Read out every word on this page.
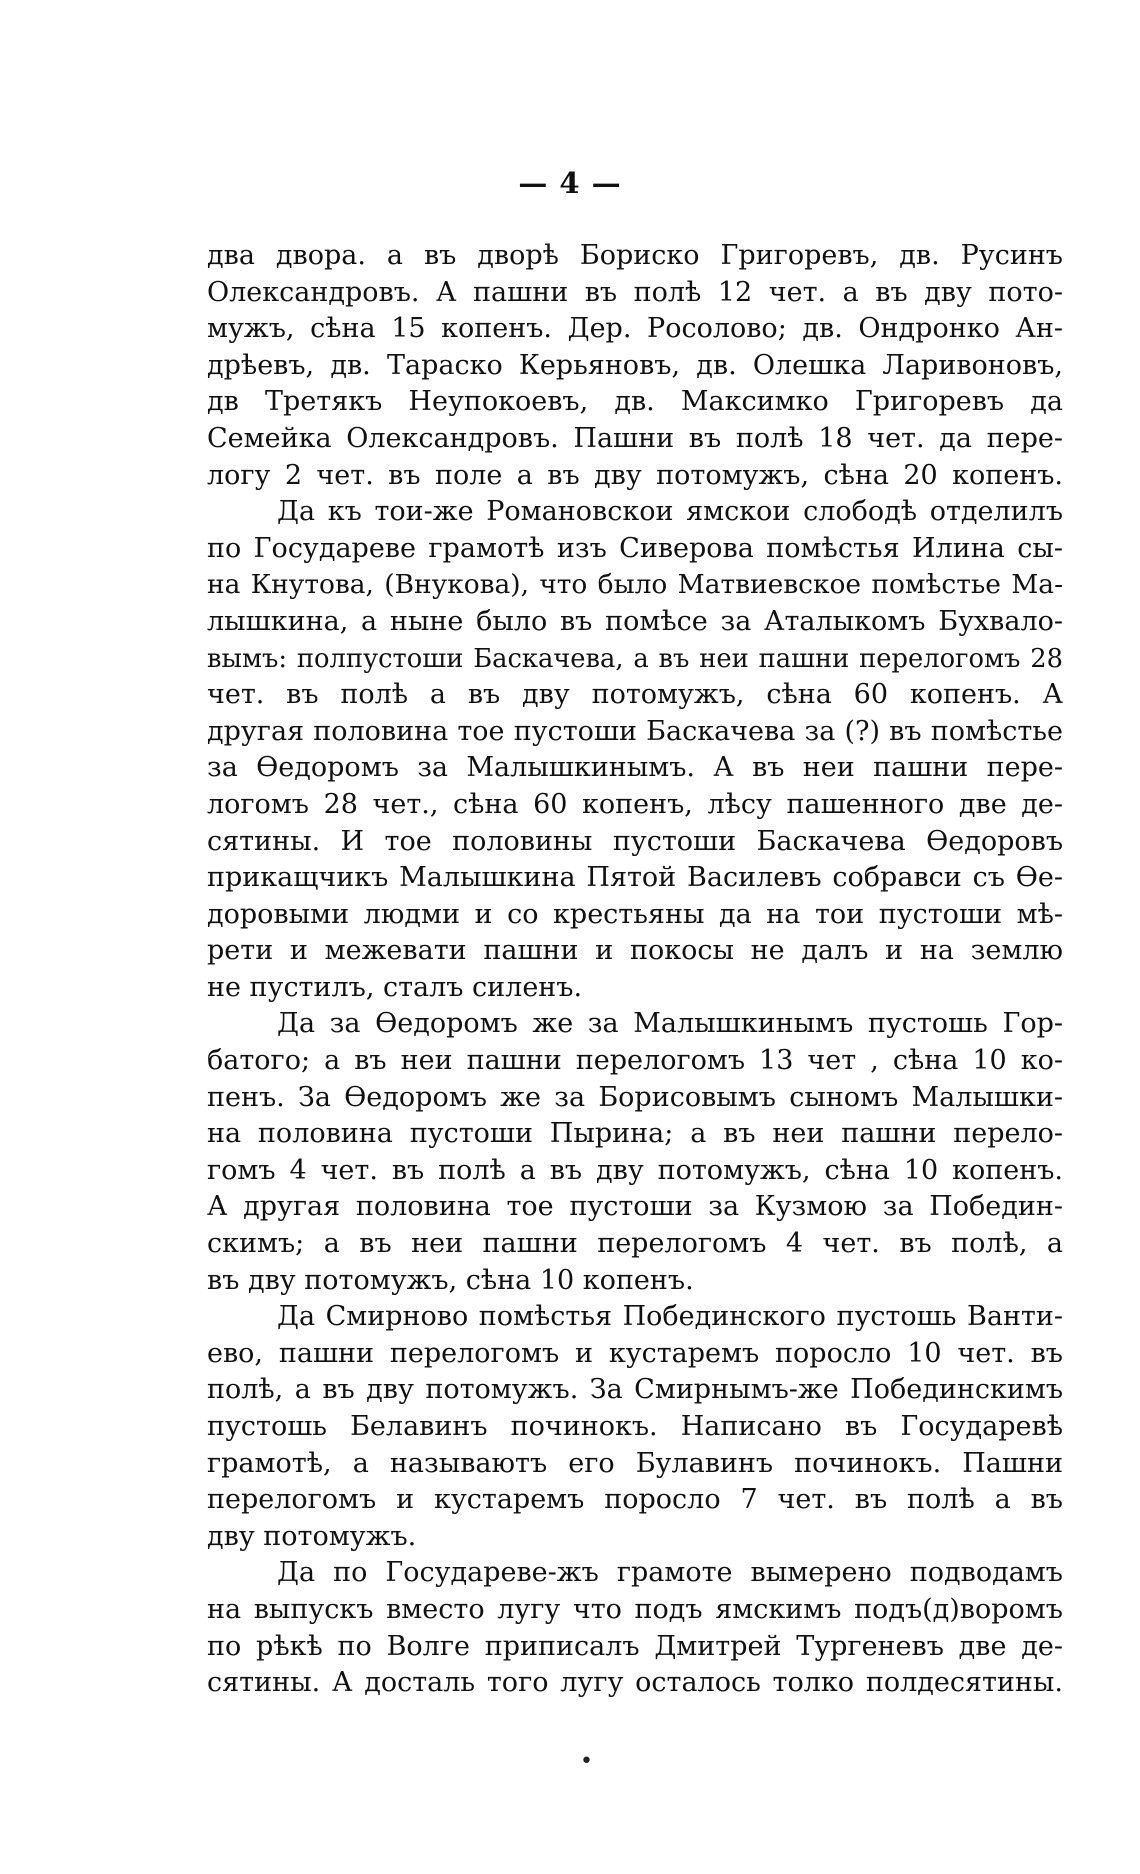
— 4 —
два двора. а въ дворѣ Бориско Григоревъ, дв. Русинъ
Олександровъ. А пашни въ полѣ 12 чет. а въ дву пото-
мужъ, сѣна 15 копенъ. Дер. Росолово; дв. Ондронко Ан-
дрѣевъ, дв. Тараско Керьяновъ, дв. Олешка Ларивоновъ,
дв Третякъ Неупокоевъ, дв. Максимко Григоревъ да
Семейка Олександровъ. Пашни въ полѣ 18 чет. да пере-
логу 2 чет. въ поле а въ дву потомужъ, сѣна 20 копенъ.
Да къ тои-же Романовскои ямскои слободѣ отделилъ
по Государеве грамотѣ изъ Сиверова помѣстья Илина сы-
на Кнутова, (Внукова), что было Матвиевское помѣстье Ма-
лышкина, а ныне было въ помѣсе за Аталыкомъ Бухвало-
вымъ: полпустоши Баскачева, а въ неи пашни перелогомъ 28
чет. въ полѣ а въ дву потомужъ, сѣна 60 копенъ. А
другая половина тое пустоши Баскачева за (?) въ помѣстье
за Ѳедоромъ за Малышкинымъ. А въ неи пашни пере-
логомъ 28 чет., сѣна 60 копенъ, лѣсу пашенного две де-
сятины. И тое половины пустоши Баскачева Ѳедоровъ
прикащчикъ Малышкина Пятой Василевъ собравси съ Ѳе-
доровыми людми и со крестьяны да на тои пустоши мѣ-
рети и межевати пашни и покосы не далъ и на землю
не пустилъ, сталъ силенъ.
Да за Ѳедоромъ же за Малышкинымъ пустошь Гор-
батого; а въ неи пашни перелогомъ 13 чет , сѣна 10 ко-
пенъ. За Ѳедоромъ же за Борисовымъ сыномъ Малышки-
на половина пустоши Пырина; а въ неи пашни перело-
гомъ 4 чет. въ полѣ а въ дву потомужъ, сѣна 10 копенъ.
А другая половина тое пустоши за Кузмою за Победин-
скимъ; а въ неи пашни перелогомъ 4 чет. въ полѣ, а
въ дву потомужъ, сѣна 10 копенъ.
Да Смирново помѣстья Побединского пустошь Ванти-
ево, пашни перелогомъ и кустаремъ поросло 10 чет. въ
полѣ, а въ дву потомужъ. За Смирнымъ-же Побединскимъ
пустошь Белавинъ починокъ. Написано въ Государевѣ
грамотѣ, а называютъ его Булавинъ починокъ. Пашни
перелогомъ и кустаремъ поросло 7 чет. въ полѣ а въ
дву потомужъ.
Да по Государеве-жъ грамоте вымерено подводамъ
на выпускъ вместо лугу что подъ ямскимъ подъ(д)воромъ
по рѣкѣ по Волге приписалъ Дмитрей Тургеневъ две де-
сятины. А досталь того лугу осталось толко полдесятины.
•
